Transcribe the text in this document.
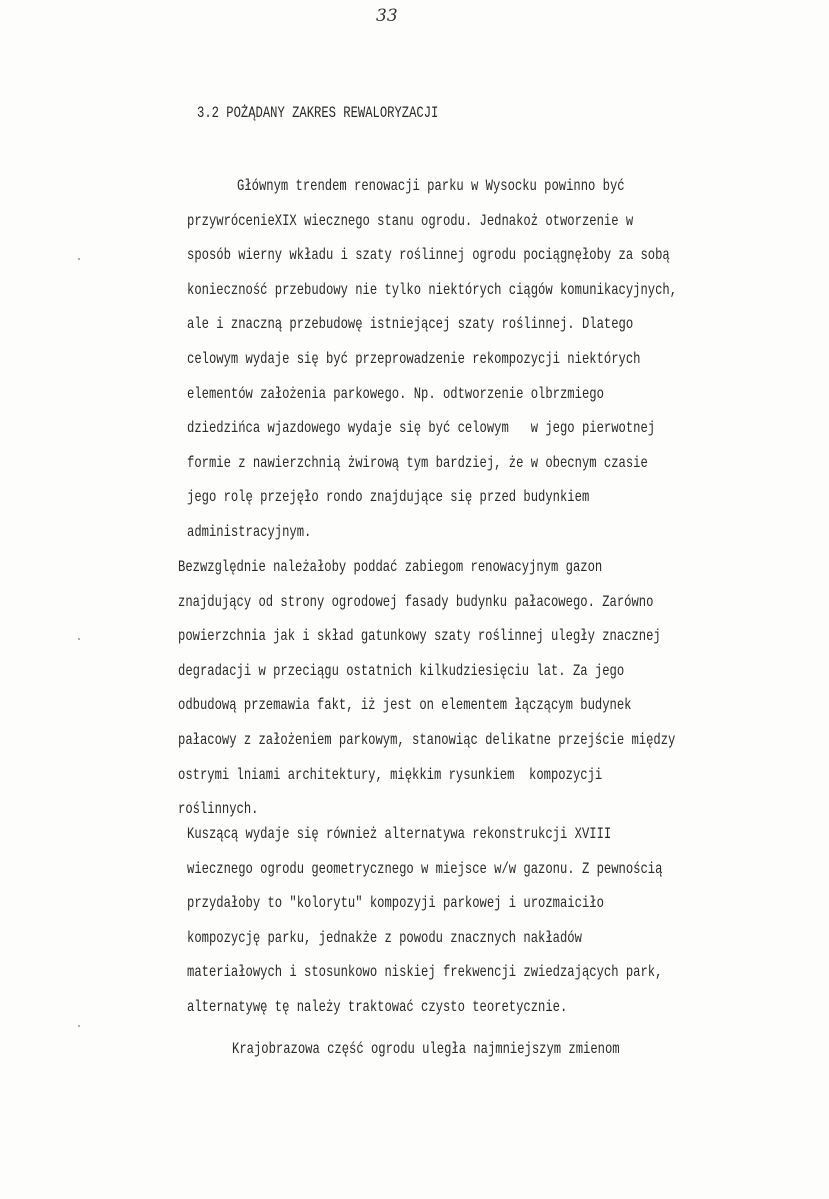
33
3.2 POŻĄDANY ZAKRES REWALORYZACJI
Głównym trendem renowacji parku w Wysocku powinno być
przywrócenieXIX wiecznego stanu ogrodu. Jednakoż otworzenie w
sposób wierny wkładu i szaty roślinnej ogrodu pociągnęłoby za sobą
konieczność przebudowy nie tylko niektórych ciągów komunikacyjnych,
ale i znaczną przebudowę istniejącej szaty roślinnej. Dlatego
celowym wydaje się być przeprowadzenie rekompozycji niektórych
elementów założenia parkowego. Np. odtworzenie olbrzmiego
dziedzińca wjazdowego wydaje się być celowym   w jego pierwotnej
formie z nawierzchnią żwirową tym bardziej, że w obecnym czasie
jego rolę przejęło rondo znajdujące się przed budynkiem
administracyjnym.
Bezwzględnie należałoby poddać zabiegom renowacyjnym gazon
znajdujący od strony ogrodowej fasady budynku pałacowego. Zarówno
powierzchnia jak i skład gatunkowy szaty roślinnej uległy znacznej
degradacji w przeciągu ostatnich kilkudziesięciu lat. Za jego
odbudową przemawia fakt, iż jest on elementem łączącym budynek
pałacowy z założeniem parkowym, stanowiąc delikatne przejście między
ostrymi lniami architektury, miękkim rysunkiem  kompozycji
roślinnych.
Kuszącą wydaje się również alternatywa rekonstrukcji XVIII
wiecznego ogrodu geometrycznego w miejsce w/w gazonu. Z pewnością
przydałoby to "kolorytu" kompozyji parkowej i urozmaiciło
kompozycję parku, jednakże z powodu znacznych nakładów
materiałowych i stosunkowo niskiej frekwencji zwiedzających park,
alternatywę tę należy traktować czysto teoretycznie.
Krajobrazowa część ogrodu uległa najmniejszym zmienom
